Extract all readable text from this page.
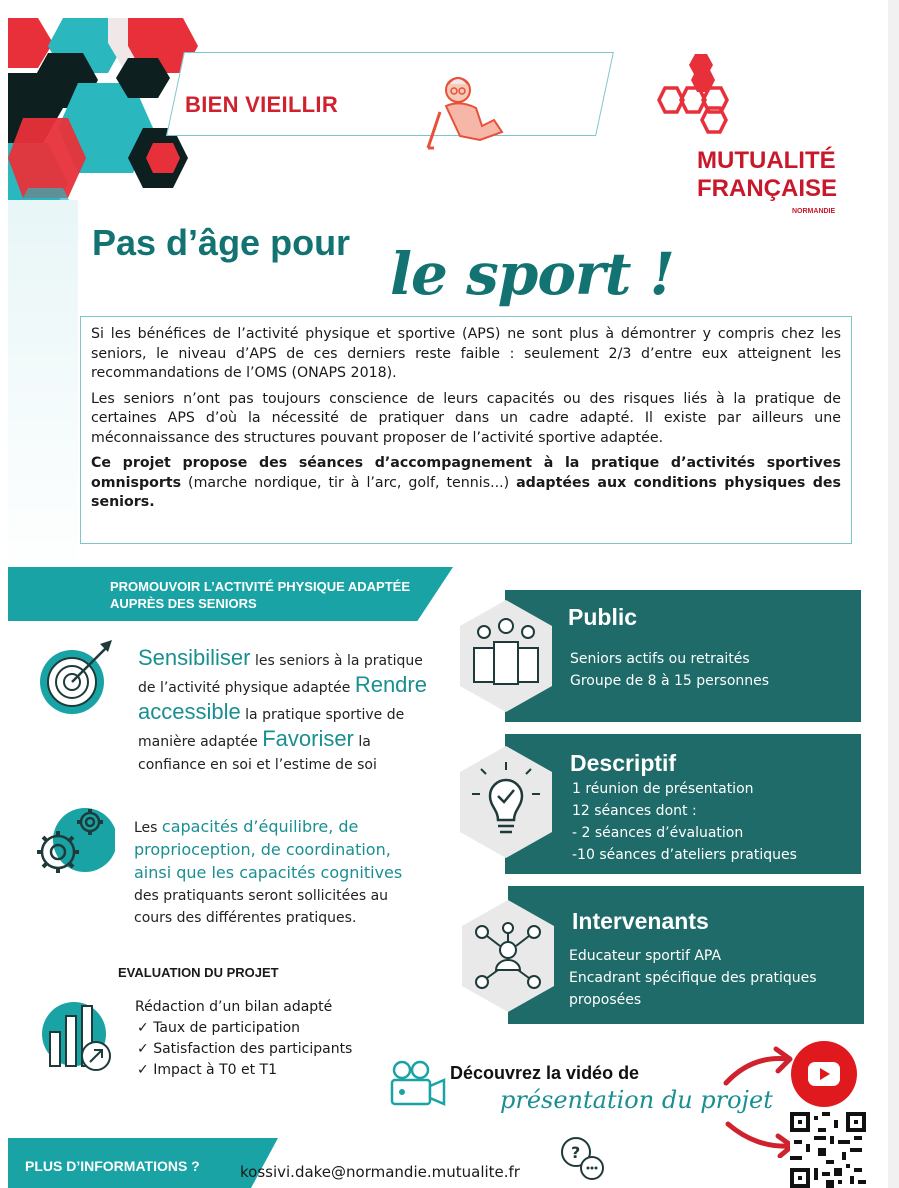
BIEN VIEILLIR
MUTUALITÉ
FRANÇAISE
NORMANDIE
Pas d’âge pour le sport !

Si les bénéfices de l’activité physique et sportive (APS) ne sont plus à démontrer y compris chez les seniors, le niveau d’APS de ces derniers reste faible : seulement 2/3 d’entre eux atteignent les recommandations de l’OMS (ONAPS 2018).

Les seniors n’ont pas toujours conscience de leurs capacités ou des risques liés à la pratique de certaines APS d’où la nécessité de pratiquer dans un cadre adapté. Il existe par ailleurs une méconnaissance des structures pouvant proposer de l’activité sportive adaptée.

Ce projet propose des séances d’accompagnement à la pratique d’activités sportives omnisports (marche nordique, tir à l’arc, golf, tennis...) adaptées aux conditions physiques des seniors.

PROMOUVOIR L’ACTIVITÉ PHYSIQUE ADAPTÉE
AUPRÈS DES SENIORS
Sensibiliser les seniors à la pratique de l’activité physique adaptée Rendre accessible la pratique sportive de manière adaptée Favoriser la confiance en soi et l’estime de soi
Les capacités d’équilibre, de proprioception, de coordination, ainsi que les capacités cognitives des pratiquants seront sollicitées au cours des différentes pratiques.
EVALUATION DU PROJET
Rédaction d’un bilan adapté
✓ Taux de participation
✓ Satisfaction des participants
✓ Impact à T0 et T1
Public
Seniors actifs ou retraités
Groupe de 8 à 15 personnes
Descriptif
1 réunion de présentation
12 séances dont :
- 2 séances d’évaluation
-10 séances d’ateliers pratiques
Intervenants
Educateur sportif APA
Encadrant spécifique des pratiques
proposées
Découvrez la vidéo de
présentation du projet
PLUS D’INFORMATIONS ?
?
kossivi.dake@normandie.mutualite.fr
